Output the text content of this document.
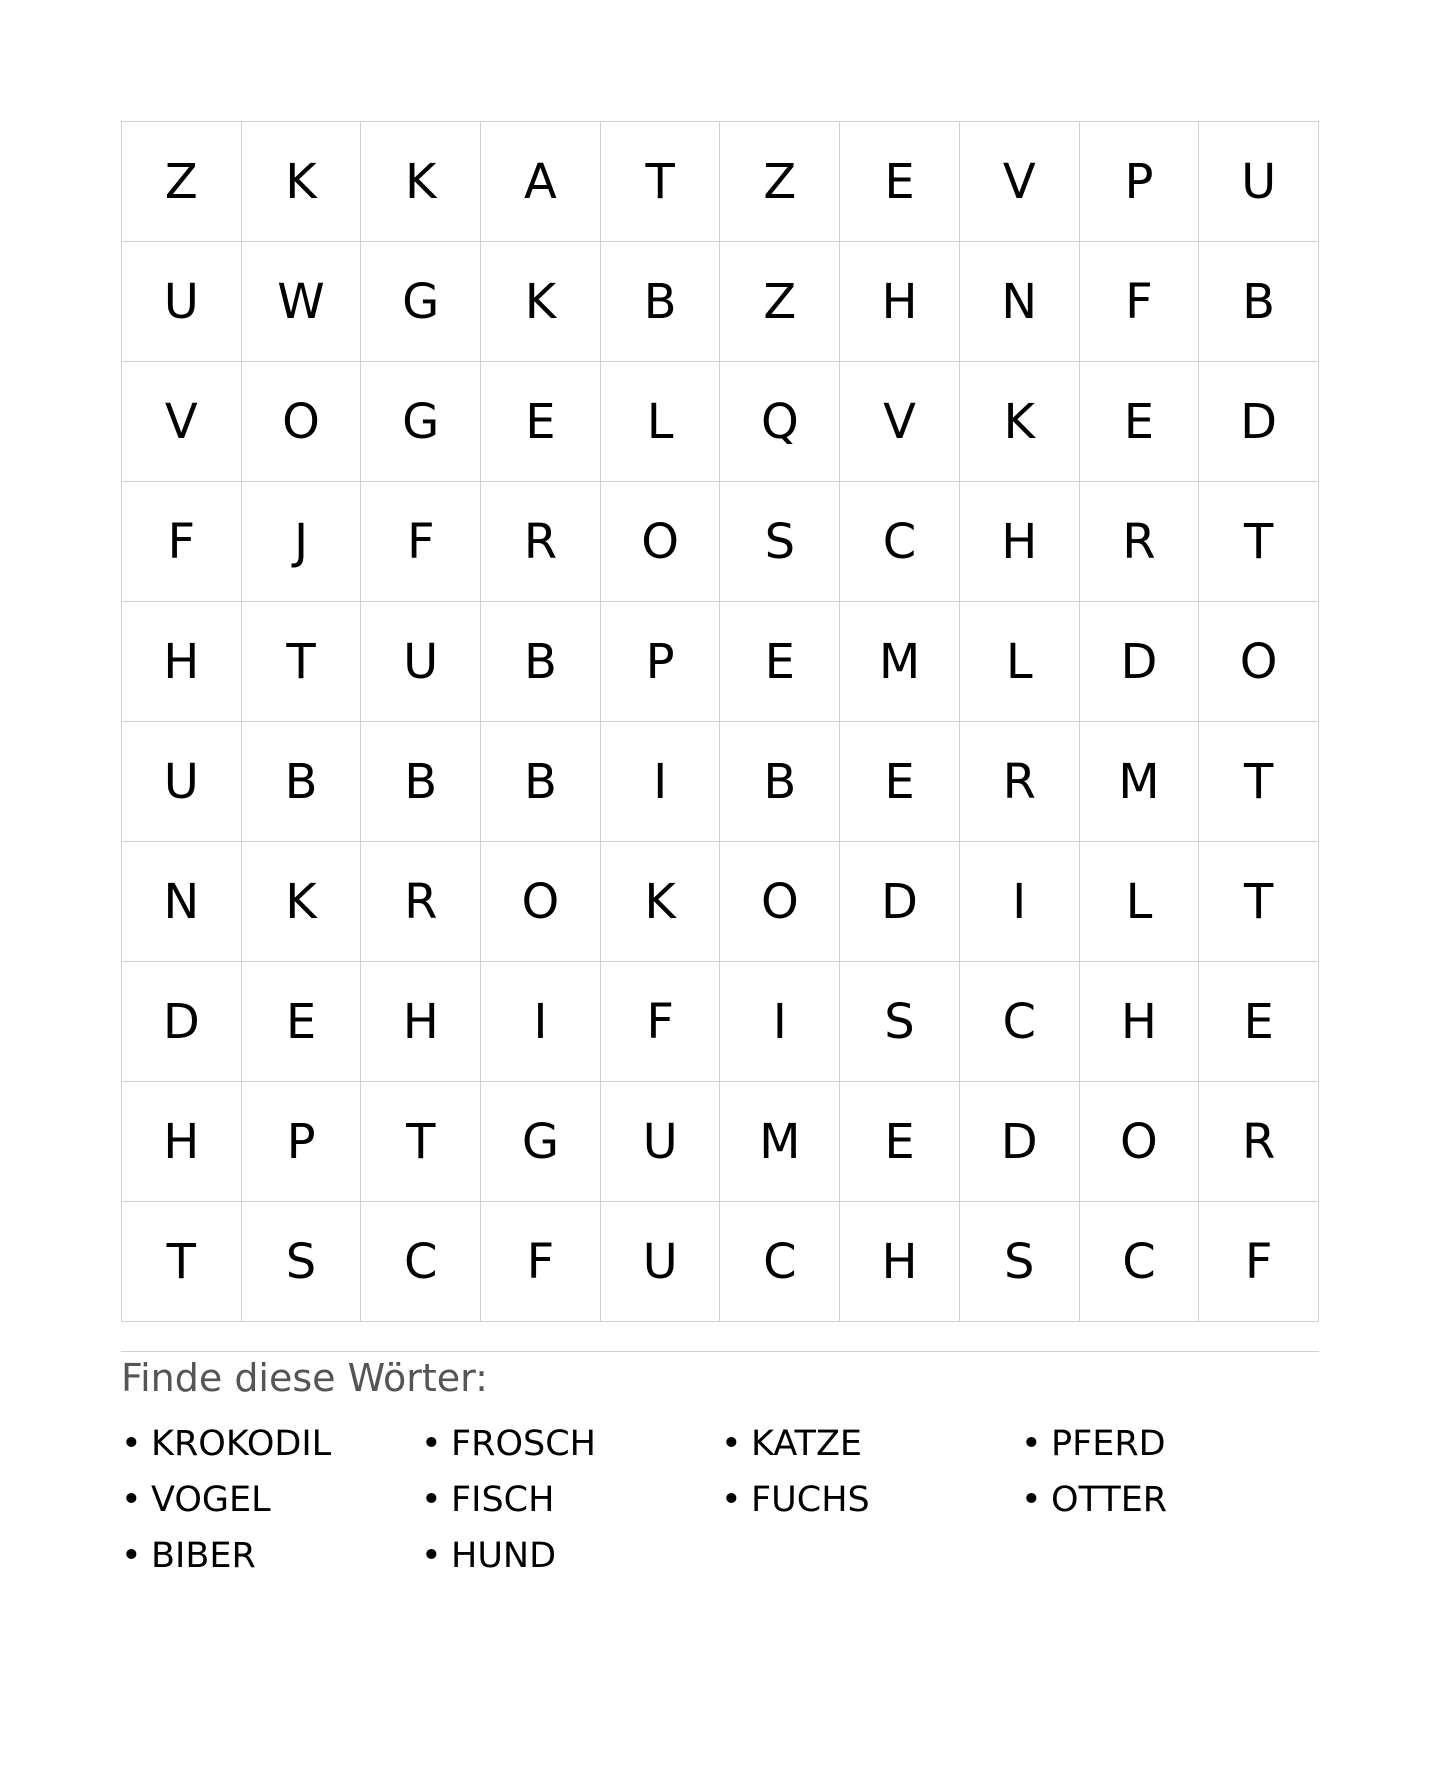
Z	K	K	A	T	Z	E	V	P	U
U	W	G	K	B	Z	H	N	F	B
V	O	G	E	L	Q	V	K	E	D
F	J	F	R	O	S	C	H	R	T
H	T	U	B	P	E	M	L	D	O
U	B	B	B	I	B	E	R	M	T
N	K	R	O	K	O	D	I	L	T
D	E	H	I	F	I	S	C	H	E
H	P	T	G	U	M	E	D	O	R
T	S	C	F	U	C	H	S	C	F
Finde diese Wörter:
• KROKODIL	• FROSCH	• KATZE	• PFERD
• VOGEL	• FISCH	• FUCHS	• OTTER
• BIBER	• HUND
